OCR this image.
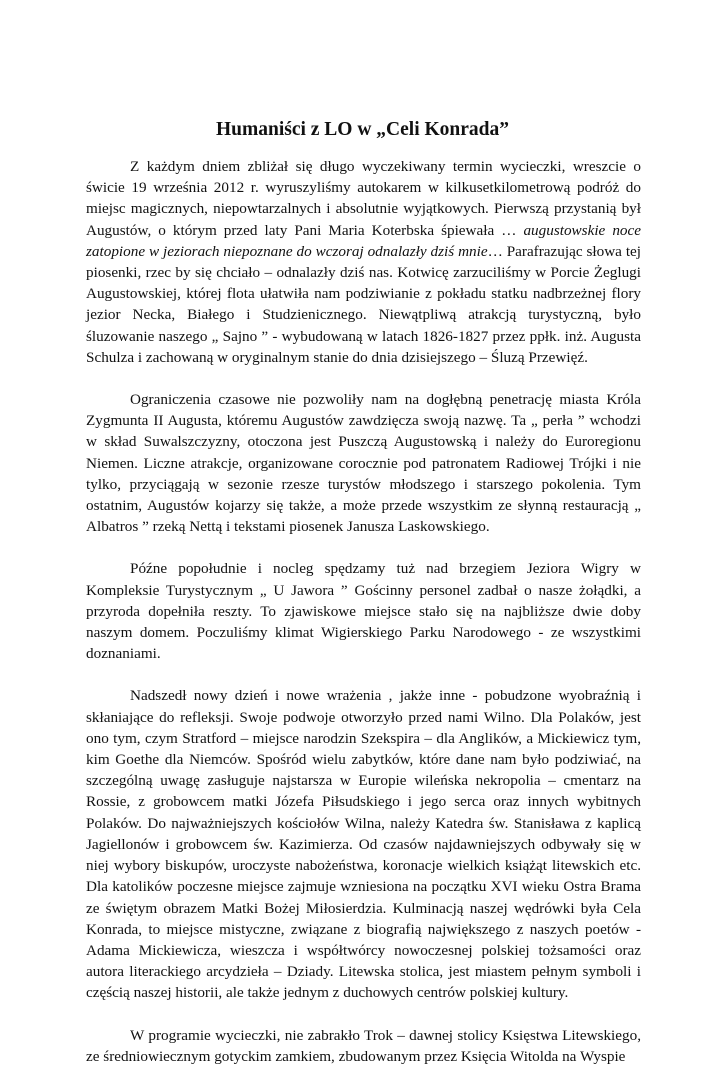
Humaniści z LO w „Celi Konrada”

Z każdym dniem zbliżał się długo wyczekiwany termin wycieczki, wreszcie o świcie 19 września 2012 r. wyruszyliśmy autokarem w kilkusetkilometrową podróż do miejsc magicznych, niepowtarzalnych i absolutnie wyjątkowych. Pierwszą przystanią był Augustów, o którym przed laty Pani Maria Koterbska śpiewała … augustowskie noce zatopione w jeziorach niepoznane do wczoraj odnalazły dziś mnie… Parafrazując słowa tej piosenki, rzec by się chciało – odnalazły dziś nas. Kotwicę zarzuciliśmy w Porcie Żeglugi Augustowskiej, której flota ułatwiła nam podziwianie z pokładu statku nadbrzeżnej flory jezior Necka, Białego i Studzienicznego. Niewątpliwą atrakcją turystyczną, było śluzowanie naszego „ Sajno ” - wybudowaną w latach 1826-1827 przez ppłk. inż. Augusta Schulza i zachowaną w oryginalnym stanie do dnia dzisiejszego – Śluzą Przewięź.

Ograniczenia czasowe nie pozwoliły nam na dogłębną penetrację miasta Króla Zygmunta II Augusta, któremu Augustów zawdzięcza swoją nazwę. Ta „ perła ” wchodzi w skład Suwalszczyzny, otoczona jest Puszczą Augustowską i należy do Euroregionu Niemen. Liczne atrakcje, organizowane corocznie pod patronatem Radiowej Trójki i nie tylko, przyciągają w sezonie rzesze turystów młodszego i starszego pokolenia. Tym ostatnim, Augustów kojarzy się także, a może przede wszystkim ze słynną restauracją „ Albatros ” rzeką Nettą i tekstami piosenek Janusza Laskowskiego.

Późne popołudnie i nocleg spędzamy tuż nad brzegiem Jeziora Wigry w Kompleksie Turystycznym „ U Jawora ” Gościnny personel zadbał o nasze żołądki, a przyroda dopełniła reszty. To zjawiskowe miejsce stało się na najbliższe dwie doby naszym domem. Poczuliśmy klimat Wigierskiego Parku Narodowego - ze wszystkimi doznaniami.

Nadszedł nowy dzień i nowe wrażenia , jakże inne - pobudzone wyobraźnią i skłaniające do refleksji. Swoje podwoje otworzyło przed nami Wilno. Dla Polaków, jest ono tym, czym Stratford – miejsce narodzin Szekspira – dla Anglików, a Mickiewicz tym, kim Goethe dla Niemców. Spośród wielu zabytków, które dane nam było podziwiać, na szczególną uwagę zasługuje najstarsza w Europie wileńska nekropolia – cmentarz na Rossie, z grobowcem matki Józefa Piłsudskiego i jego serca oraz innych wybitnych Polaków. Do najważniejszych kościołów Wilna, należy Katedra św. Stanisława z kaplicą Jagiellonów i grobowcem św. Kazimierza. Od czasów najdawniejszych odbywały się w niej wybory biskupów, uroczyste nabożeństwa, koronacje wielkich książąt litewskich etc. Dla katolików poczesne miejsce zajmuje wzniesiona na początku XVI wieku Ostra Brama ze świętym obrazem Matki Bożej Miłosierdzia. Kulminacją naszej wędrówki była Cela Konrada, to miejsce mistyczne, związane z biografią największego z naszych poetów - Adama Mickiewicza, wieszcza i współtwórcy nowoczesnej polskiej tożsamości oraz autora literackiego arcydzieła – Dziady. Litewska stolica, jest miastem pełnym symboli i częścią naszej historii, ale także jednym z duchowych centrów polskiej kultury.

W programie wycieczki, nie zabrakło Trok – dawnej stolicy Księstwa Litewskiego, ze średniowiecznym gotyckim zamkiem, zbudowanym przez Księcia Witolda na Wyspie
